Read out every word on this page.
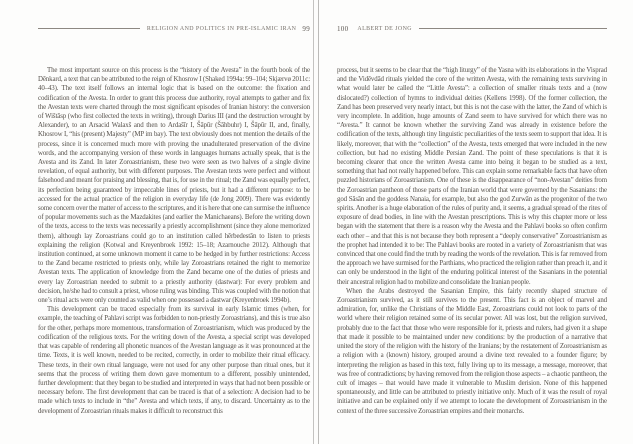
RELIGION AND POLITICS IN PRE-ISLAMIC IRAN 99

The most important source on this process is the “history of the Avesta” in the fourth book of the Dēnkard, a text that can be attributed to the reign of Khosrow I (Shaked 1994a: 99–104; Skjærvø 2011c: 40–43). The text itself follows an internal logic that is based on the outcome: the fixation and codification of the Avesta. In order to grant this process due authority, royal attempts to gather and fix the Avestan texts were charted through the most significant episodes of Iranian history: the conversion of Wištāsp (who first collected the texts in writing), through Darius III (and the destruction wrought by Alexander), to an Arsacid Walaxš and then to Ardašīr I, Šāpūr (Šāhbuhr) I, Šāpūr II, and, finally, Khosrow I, “his (present) Majesty” (MP im bay). The text obviously does not mention the details of the process, since it is concerned much more with proving the unadulterated preservation of the divine words, and the accompanying version of these words in languages humans actually speak, that is the Avesta and its Zand. In later Zoroastrianism, these two were seen as two halves of a single divine revelation, of equal authority, but with different purposes. The Avestan texts were perfect and without falsehood and meant for praising and blessing, that is, for use in the ritual; the Zand was equally perfect, its perfection being guaranteed by impeccable lines of priests, but it had a different purpose: to be accessed for the actual practice of the religion in everyday life (de Jong 2009). There was evidently some concern over the matter of access to the scriptures, and it is here that one can surmise the influence of popular movements such as the Mazdakites (and earlier the Manichaeans). Before the writing down of the texts, access to the texts was necessarily a priestly accomplishment (since they alone memorized them), although lay Zoroastrians could go to an institution called hērbedestān to listen to priests explaining the religion (Kotwal and Kreyenbroek 1992: 15–18; Azarnouche 2012). Although that institution continued, at some unknown moment it came to be hedged in by further restrictions: Access to the Zand became restricted to priests only, while lay Zoroastrians retained the right to memorize Avestan texts. The application of knowledge from the Zand became one of the duties of priests and every lay Zoroastrian needed to submit to a priestly authority (dastwar): For every problem and decision, he/she had to consult a priest, whose ruling was binding. This was coupled with the notion that one’s ritual acts were only counted as valid when one possessed a dastwar (Kreyenbroek 1994b).

This development can be traced especially from its survival in early Islamic times (when, for example, the teaching of Pahlavi script was forbidden to non-priestly Zoroastrians), and this is true also for the other, perhaps more momentous, transformation of Zoroastrianism, which was produced by the codification of the religious texts. For the writing down of the Avesta, a special script was developed that was capable of rendering all phonetic nuances of the Avestan language as it was pronounced at the time. Texts, it is well known, needed to be recited, correctly, in order to mobilize their ritual efficacy. These texts, in their own ritual language, were not used for any other purpose than ritual ones, but it seems that the process of writing them down gave momentum to a different, possibly unintended, further development: that they began to be studied and interpreted in ways that had not been possible or necessary before. The first development that can be traced is that of a selection: A decision had to be made which texts to include in “the” Avesta and which texts, if any, to discard. Uncertainty as to the development of Zoroastrian rituals makes it difficult to reconstruct this

100 ALBERT DE JONG

process, but it seems to be clear that the “high liturgy” of the Yasna with its elaborations in the Visprad and the Vidēvdād rituals yielded the core of the written Avesta, with the remaining texts surviving in what would later be called the “Little Avesta”: a collection of smaller rituals texts and a (now dislocated?) collection of hymns to individual deities (Kellens 1998). Of the former collection, the Zand has been preserved very nearly intact, but this is not the case with the latter, the Zand of which is very incomplete. In addition, huge amounts of Zand seem to have survived for which there was no “Avesta.” It cannot be known whether the surviving Zand was already in existence before the codification of the texts, although tiny linguistic peculiarities of the texts seem to support that idea. It is likely, moreover, that with the “collection” of the Avesta, texts emerged that were included in the new collection, but had no existing Middle Persian Zand. The point of these speculations is that it is becoming clearer that once the written Avesta came into being it began to be studied as a text, something that had not really happened before. This can explain some remarkable facts that have often puzzled historians of Zoroastrianism. One of these is the disappearance of “non-Avestan” deities from the Zoroastrian pantheon of those parts of the Iranian world that were governed by the Sasanians: the god Sāsān and the goddess Nanaia, for example, but also the god Zurwān as the progenitor of the two spirits. Another is a huge elaboration of the rules of purity and, it seems, a gradual spread of the rites of exposure of dead bodies, in line with the Avestan prescriptions. This is why this chapter more or less began with the statement that there is a reason why the Avesta and the Pahlavi books so often confirm each other – and that this is not because they both represent a “deeply conservative” Zoroastrianism as the prophet had intended it to be: The Pahlavi books are rooted in a variety of Zoroastrianism that was convinced that one could find the truth by reading the words of the revelation. This is far removed from the approach we have surmised for the Parthians, who practiced the religion rather than preach it, and it can only be understood in the light of the enduring political interest of the Sasanians in the potential their ancestral religion had to mobilize and consolidate the Iranian people.

When the Arabs destroyed the Sasanian Empire, this fairly recently shaped structure of Zoroastrianism survived, as it still survives to the present. This fact is an object of marvel and admiration, for, unlike the Christians of the Middle East, Zoroastrians could not look to parts of the world where their religion retained some of its secular power. All was lost, but the religion survived, probably due to the fact that those who were responsible for it, priests and rulers, had given it a shape that made it possible to be maintained under new conditions: by the production of a narrative that united the story of the religion with the history of the Iranians; by the restatement of Zoroastrianism as a religion with a (known) history, grouped around a divine text revealed to a founder figure; by interpreting the religion as based in this text, fully living up to its message, a message, moreover, that was free of contradictions; by having removed from the religion those aspects – a chaotic pantheon, the cult of images – that would have made it vulnerable to Muslim derision. None of this happened spontaneously, and little can be attributed to priestly initiative only. Much of it was the result of royal initiative and can be explained only if we attempt to locate the development of Zoroastrianism in the context of the three successive Zoroastrian empires and their monarchs.
